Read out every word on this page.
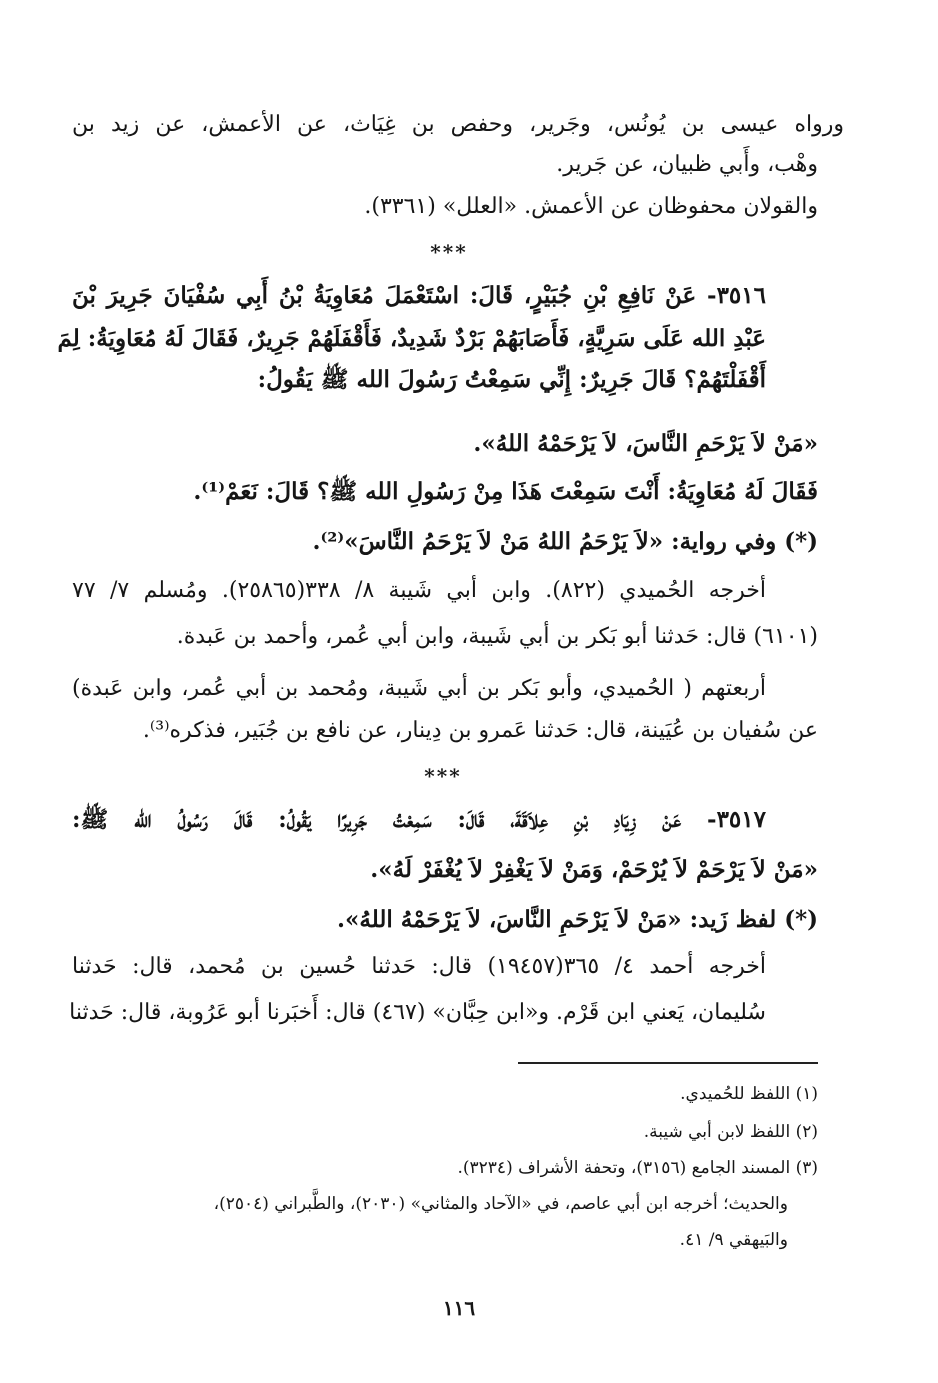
ورواه عيسى بن يُونُس، وجَرير، وحفص بن غِيَاث، عن الأعمش، عن زيد بن
وهْب، وأَبي ظبيان، عن جَرير.
والقولان محفوظان عن الأعمش. «العلل» (٣٣٦١).
***
٣٥١٦- عَنْ نَافِعِ بْنِ جُبَيْرٍ، قَالَ: اسْتَعْمَلَ مُعَاوِيَةُ بْنُ أَبِي سُفْيَانَ جَرِيرَ بْنَ
عَبْدِ الله عَلَى سَرِيَّةٍ، فَأَصَابَهُمْ بَرْدٌ شَدِيدٌ، فَأَقْفَلَهُمْ جَرِيرٌ، فَقَالَ لَهُ مُعَاوِيَةُ: لِمَ
أَقْفَلْتَهُمْ؟ قَالَ جَرِيرٌ: إِنِّي سَمِعْتُ رَسُولَ الله ﷺ يَقُولُ:
«مَنْ لاَ يَرْحَمِ النَّاسَ، لاَ يَرْحَمْهُ اللهُ».
فَقَالَ لَهُ مُعَاوِيَةُ: أَنْتَ سَمِعْتَ هَذَا مِنْ رَسُولِ الله ﷺ؟ قَالَ: نَعَمْ⁽¹⁾.
(*) وفي رواية: «لاَ يَرْحَمُ اللهُ مَنْ لاَ يَرْحَمُ النَّاسَ»⁽²⁾.
أخرجه الحُميدي (٨٢٢). وابن أبي شَيبة ٨/ ٣٣٨(٢٥٨٦٥). ومُسلم ٧/ ٧٧
(٦١٠١) قال: حَدثنا أبو بَكر بن أبي شَيبة، وابن أبي عُمر، وأحمد بن عَبدة.
أربعتهم ( الحُميدي، وأبو بَكر بن أبي شَيبة، ومُحمد بن أبي عُمر، وابن عَبدة)
عن سُفيان بن عُيَينة، قال: حَدثنا عَمرو بن دِينار، عن نافع بن جُبَير، فذكره⁽³⁾.
***
٣٥١٧- عَنْ زِيَادِ بْنِ عِلاَقَةَ، قَالَ: سَمِعْتُ جَرِيرًا يَقُولُ: قَالَ رَسُولُ الله ﷺ:
«مَنْ لاَ يَرْحَمْ لاَ يُرْحَمْ، وَمَنْ لاَ يَغْفِرْ لاَ يُغْفَرْ لَهُ».
(*) لفظ زَيد: «مَنْ لاَ يَرْحَمِ النَّاسَ، لاَ يَرْحَمْهُ اللهُ».
أخرجه أحمد ٤/ ٣٦٥(١٩٤٥٧) قال: حَدثنا حُسين بن مُحمد، قال: حَدثنا
سُليمان، يَعني ابن قَرْم. و«ابن حِبَّان» (٤٦٧) قال: أَخبَرنا أبو عَرُوبة، قال: حَدثنا
(١) اللفظ للحُميدي.
(٢) اللفظ لابن أبي شيبة.
(٣) المسند الجامع (٣١٥٦)، وتحفة الأشراف (٣٢٣٤).
والحديث؛ أخرجه ابن أبي عاصم، في «الآحاد والمثاني» (٢٠٣٠)، والطَّبراني (٢٥٠٤)،
والبَيهقي ٩/ ٤١.
١١٦
